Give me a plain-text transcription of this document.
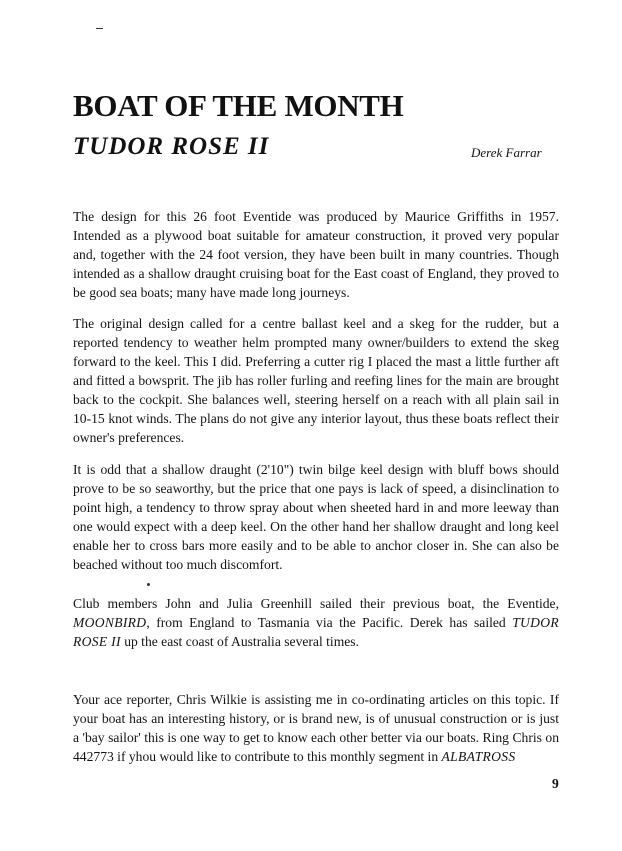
BOAT OF THE MONTH
TUDOR ROSE II	Derek Farrar

The design for this 26 foot Eventide was produced by Maurice Griffiths in 1957. Intended as a plywood boat suitable for amateur construction, it proved very popular and, together with the 24 foot version, they have been built in many countries. Though intended as a shallow draught cruising boat for the East coast of England, they proved to be good sea boats; many have made long journeys.

The original design called for a centre ballast keel and a skeg for the rudder, but a reported tendency to weather helm prompted many owner/builders to extend the skeg forward to the keel. This I did. Preferring a cutter rig I placed the mast a little further aft and fitted a bowsprit. The jib has roller furling and reefing lines for the main are brought back to the cockpit. She balances well, steering herself on a reach with all plain sail in 10-15 knot winds. The plans do not give any interior layout, thus these boats reflect their owner's preferences.

It is odd that a shallow draught (2'10") twin bilge keel design with bluff bows should prove to be so seaworthy, but the price that one pays is lack of speed, a disinclination to point high, a tendency to throw spray about when sheeted hard in and more leeway than one would expect with a deep keel. On the other hand her shallow draught and long keel enable her to cross bars more easily and to be able to anchor closer in. She can also be beached without too much discomfort.

Club members John and Julia Greenhill sailed their previous boat, the Eventide, MOONBIRD, from England to Tasmania via the Pacific. Derek has sailed TUDOR ROSE II up the east coast of Australia several times.

Your ace reporter, Chris Wilkie is assisting me in co-ordinating articles on this topic. If your boat has an interesting history, or is brand new, is of unusual construction or is just a 'bay sailor' this is one way to get to know each other better via our boats. Ring Chris on 442773 if yhou would like to contribute to this monthly segment in ALBATROSS

9
